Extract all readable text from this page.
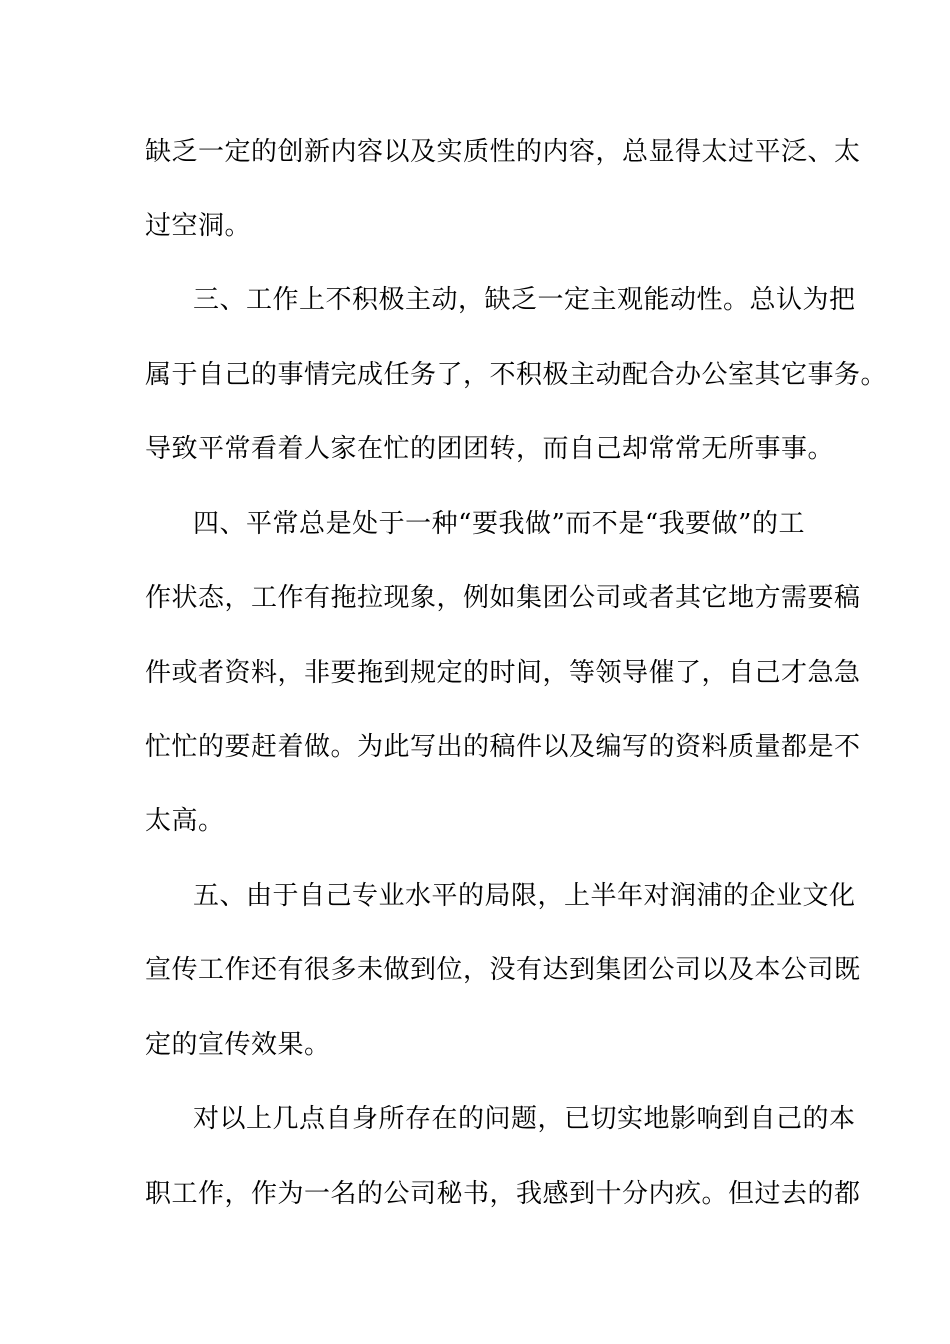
缺乏一定的创新内容以及实质性的内容，总显得太过平泛、太
过空洞。
三、工作上不积极主动，缺乏一定主观能动性。总认为把
属于自己的事情完成任务了，不积极主动配合办公室其它事务。
导致平常看着人家在忙的团团转，而自己却常常无所事事。
四、平常总是处于一种“要我做”而不是“我要做”的工
作状态，工作有拖拉现象，例如集团公司或者其它地方需要稿
件或者资料，非要拖到规定的时间，等领导催了，自己才急急
忙忙的要赶着做。为此写出的稿件以及编写的资料质量都是不
太高。
五、由于自己专业水平的局限，上半年对润浦的企业文化
宣传工作还有很多未做到位，没有达到集团公司以及本公司既
定的宣传效果。
对以上几点自身所存在的问题，已切实地影响到自己的本
职工作，作为一名的公司秘书，我感到十分内疚。但过去的都
